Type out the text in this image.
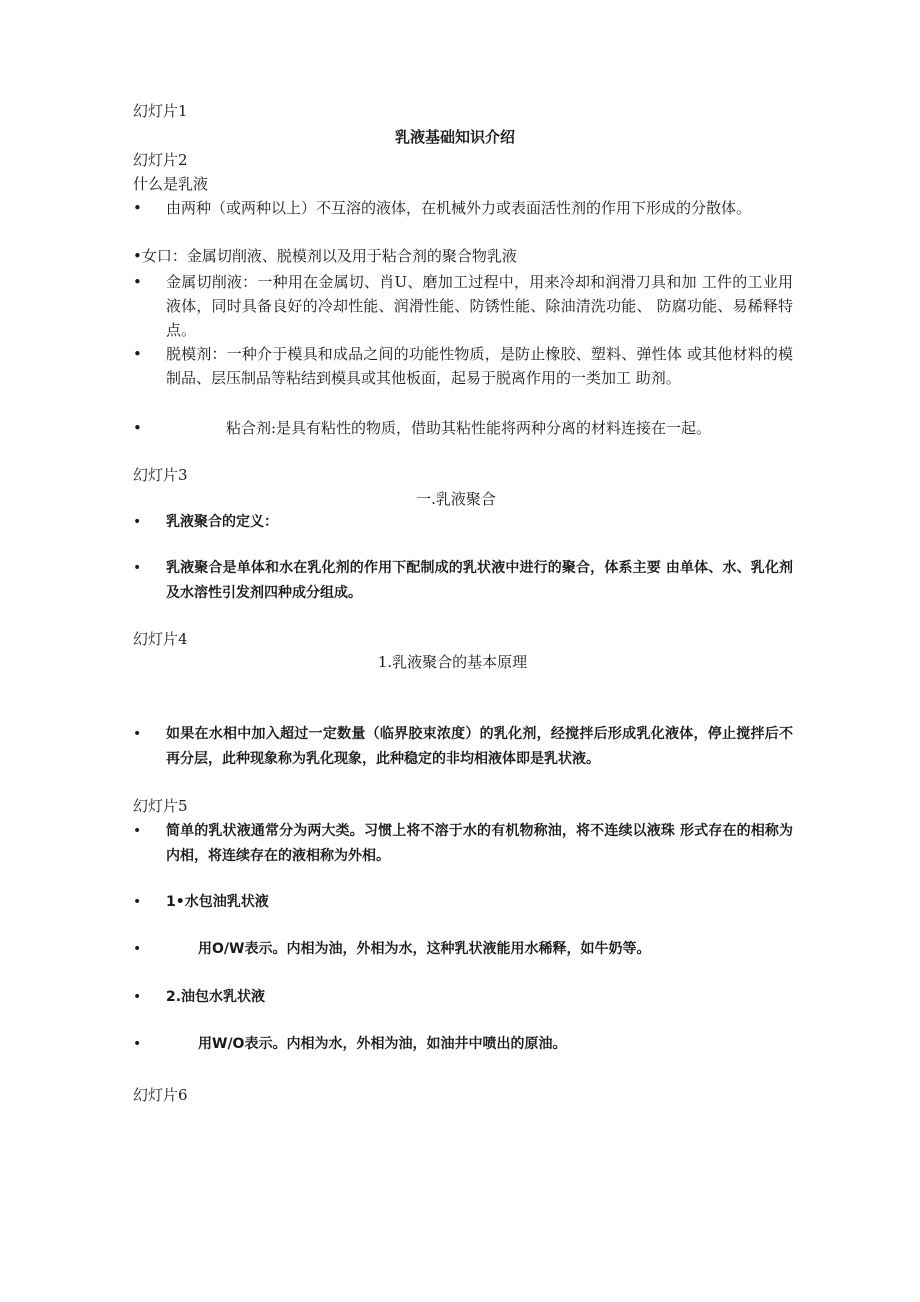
幻灯片1
乳液基础知识介绍
幻灯片2
什么是乳液
•	由两种（或两种以上）不互溶的液体，在机械外力或表面活性剂的作用下形成的分散体。
•女口：金属切削液、脱模剂以及用于粘合剂的聚合物乳液
•	金属切削液：一种用在金属切、肖U、磨加工过程中，用来冷却和润滑刀具和加 工件的工业用液体，同时具备良好的冷却性能、润滑性能、防锈性能、除油清洗功能、 防腐功能、易稀释特点。
•	脱模剂：一种介于模具和成品之间的功能性物质，是防止橡胶、塑料、弹性体 或其他材料的模制品、层压制品等粘结到模具或其他板面，起易于脱离作用的一类加工 助剂。
•	粘合剂:是具有粘性的物质，借助其粘性能将两种分离的材料连接在一起。
幻灯片3
一.乳液聚合
•	乳液聚合的定义：
•	乳液聚合是单体和水在乳化剂的作用下配制成的乳状液中进行的聚合，体系主要 由单体、水、乳化剂及水溶性引发剂四种成分组成。
幻灯片4
1.乳液聚合的基本原理
•	如果在水相中加入超过一定数量（临界胶束浓度）的乳化剂，经搅拌后形成乳化液体，停止搅拌后不再分层，此种现象称为乳化现象，此种稳定的非均相液体即是乳状液。
幻灯片5
•	简单的乳状液通常分为两大类。习惯上将不溶于水的有机物称油，将不连续以液珠 形式存在的相称为内相，将连续存在的液相称为外相。
•	1•水包油乳状液
•	用O/W表示。内相为油，外相为水，这种乳状液能用水稀释，如牛奶等。
•	2.油包水乳状液
•	用W/O表示。内相为水，外相为油，如油井中喷出的原油。
幻灯片6
